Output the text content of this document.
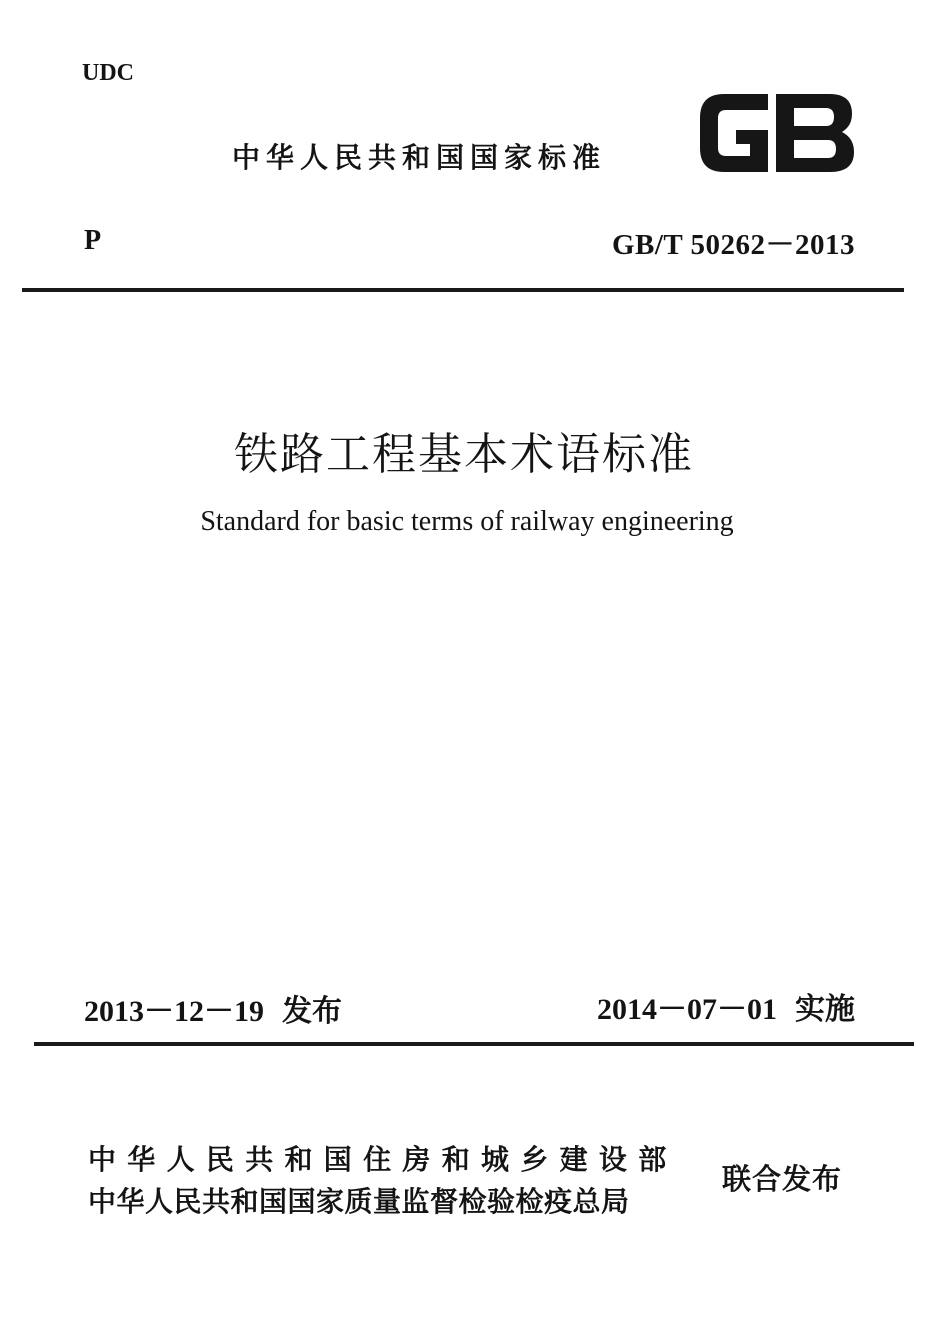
UDC
中华人民共和国国家标准
P	GB/T 50262－2013
铁路工程基本术语标准
Standard for basic terms of railway engineering
2013－12－19 发布	2014－07－01 实施
中华人民共和国住房和城乡建设部
中华人民共和国国家质量监督检验检疫总局
联合发布
